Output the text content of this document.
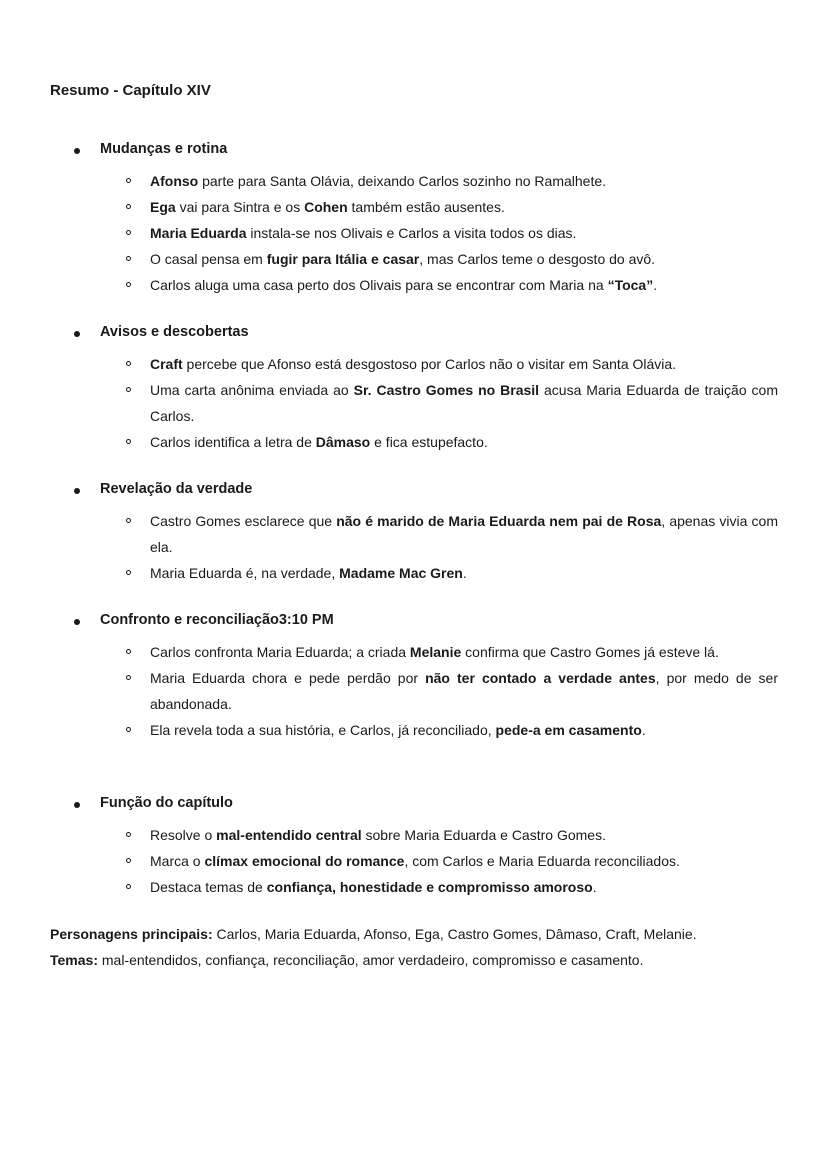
Resumo - Capítulo XIV
Mudanças e rotina
Afonso parte para Santa Olávia, deixando Carlos sozinho no Ramalhete.
Ega vai para Sintra e os Cohen também estão ausentes.
Maria Eduarda instala-se nos Olivais e Carlos a visita todos os dias.
O casal pensa em fugir para Itália e casar, mas Carlos teme o desgosto do avô.
Carlos aluga uma casa perto dos Olivais para se encontrar com Maria na “Toca”.
Avisos e descobertas
Craft percebe que Afonso está desgostoso por Carlos não o visitar em Santa Olávia.
Uma carta anônima enviada ao Sr. Castro Gomes no Brasil acusa Maria Eduarda de traição com Carlos.
Carlos identifica a letra de Dâmaso e fica estupefacto.
Revelação da verdade
Castro Gomes esclarece que não é marido de Maria Eduarda nem pai de Rosa, apenas vivia com ela.
Maria Eduarda é, na verdade, Madame Mac Gren.
Confronto e reconciliação3:10 PM
Carlos confronta Maria Eduarda; a criada Melanie confirma que Castro Gomes já esteve lá.
Maria Eduarda chora e pede perdão por não ter contado a verdade antes, por medo de ser abandonada.
Ela revela toda a sua história, e Carlos, já reconciliado, pede-a em casamento.
Função do capítulo
Resolve o mal-entendido central sobre Maria Eduarda e Castro Gomes.
Marca o clímax emocional do romance, com Carlos e Maria Eduarda reconciliados.
Destaca temas de confiança, honestidade e compromisso amoroso.
Personagens principais: Carlos, Maria Eduarda, Afonso, Ega, Castro Gomes, Dâmaso, Craft, Melanie.
Temas: mal-entendidos, confiança, reconciliação, amor verdadeiro, compromisso e casamento.
